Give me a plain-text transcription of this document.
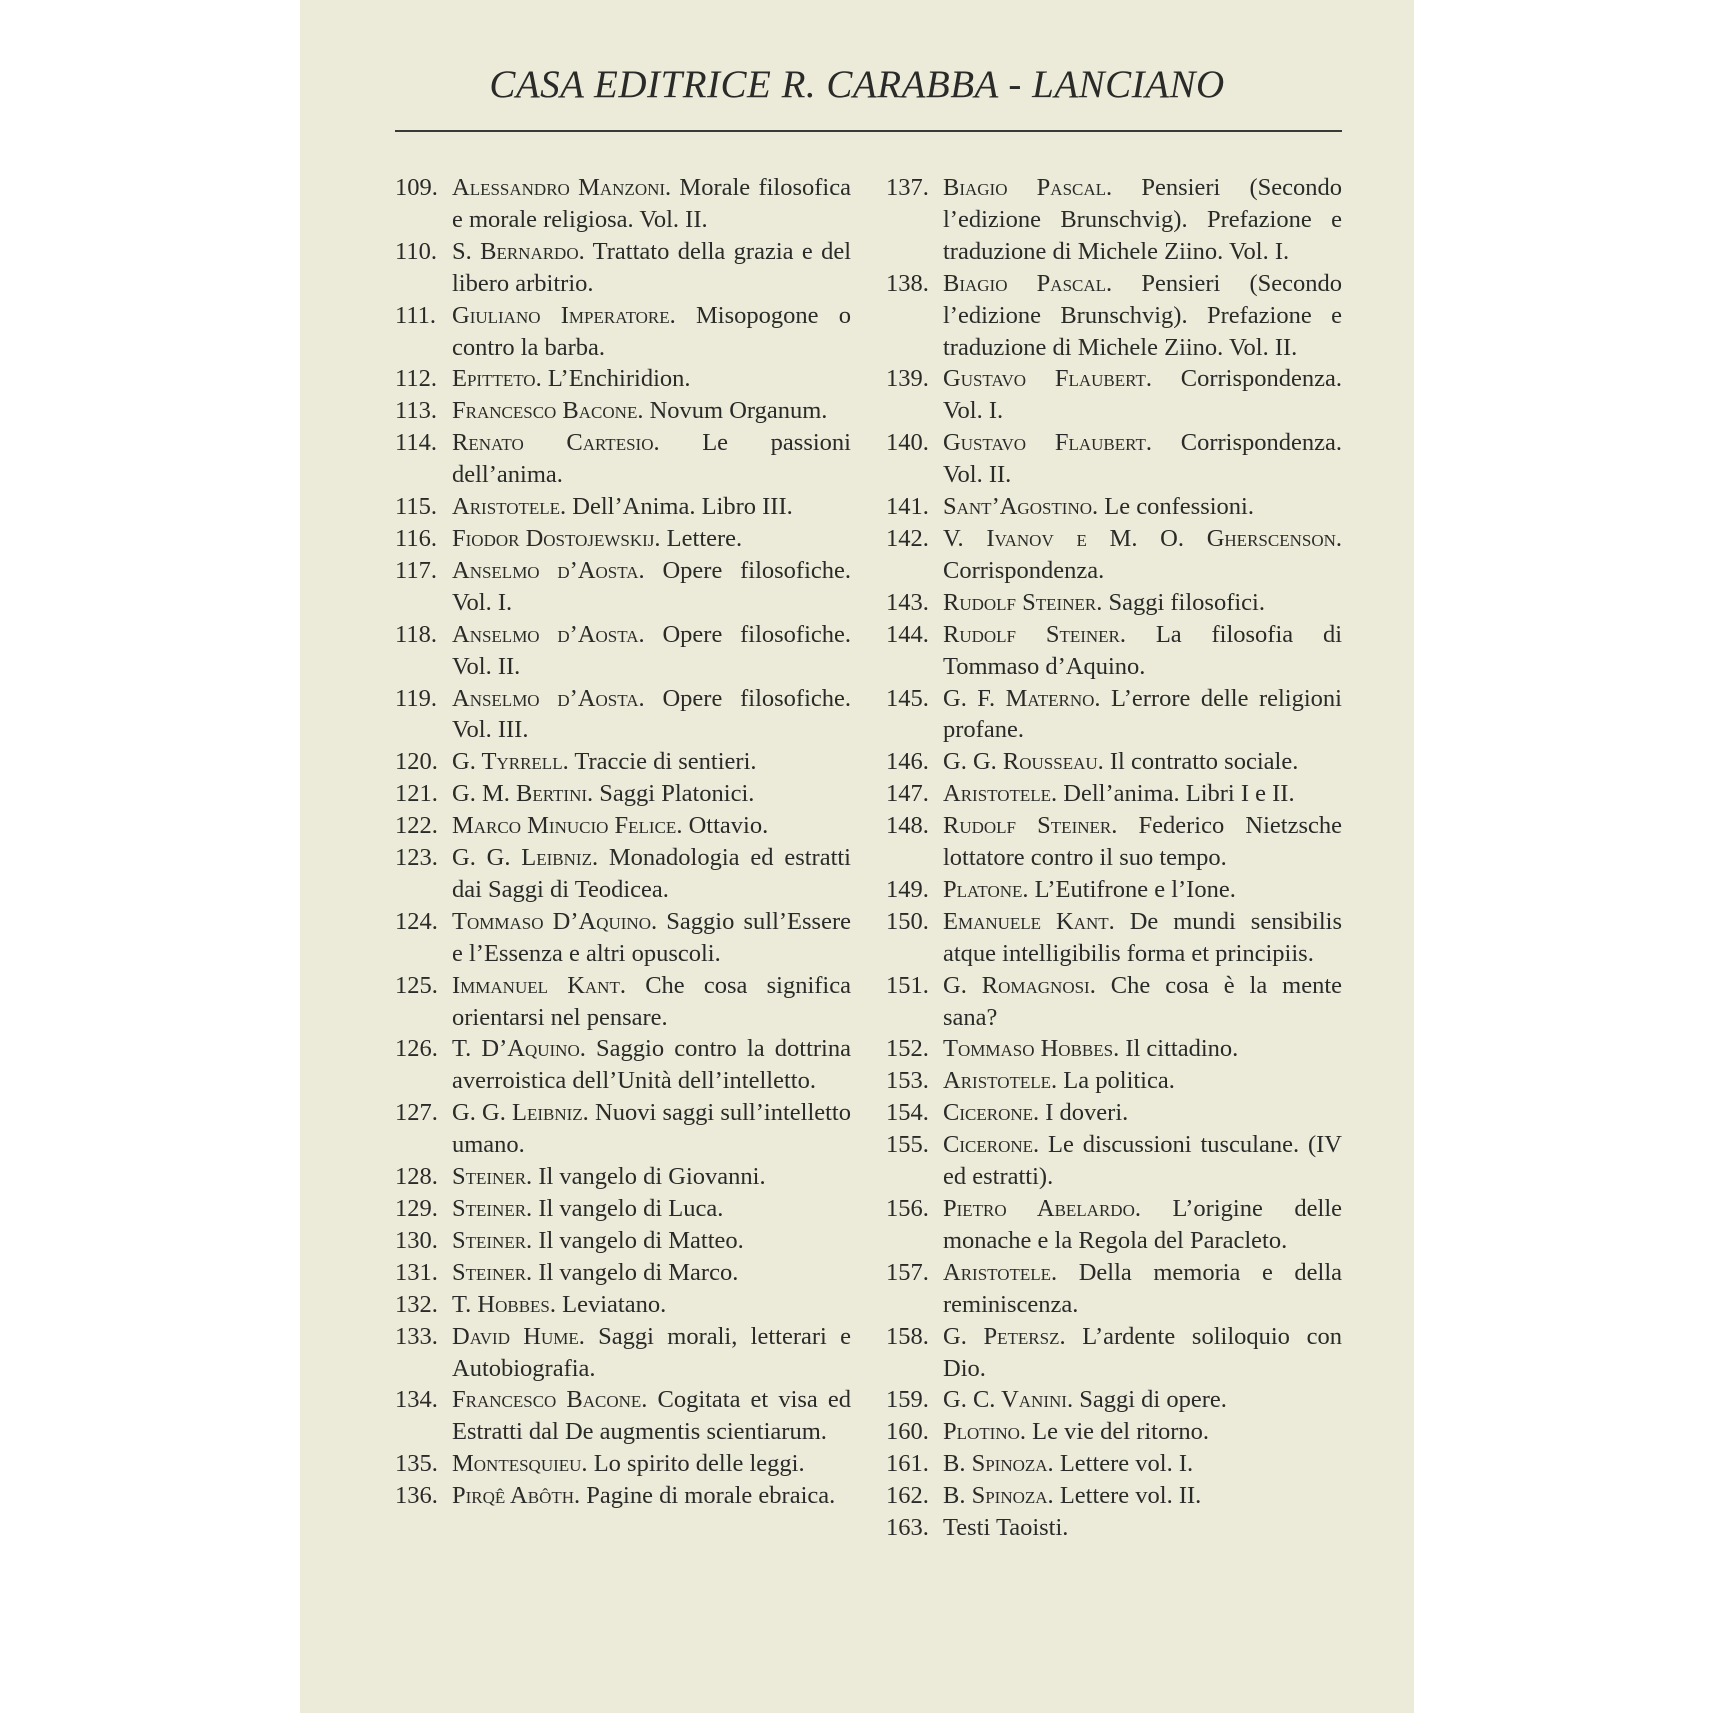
CASA EDITRICE R. CARABBA - LANCIANO
109. Alessandro Manzoni. Morale filosofica e morale religiosa. Vol. II.
110. S. Bernardo. Trattato della grazia e del libero arbitrio.
111. Giuliano Imperatore. Misopogone o contro la barba.
112. Epitteto. L’Enchiridion.
113. Francesco Bacone. Novum Organum.
114. Renato Cartesio. Le passioni dell’anima.
115. Aristotele. Dell’Anima. Libro III.
116. Fiodor Dostojewskij. Lettere.
117. Anselmo d’Aosta. Opere filosofiche. Vol. I.
118. Anselmo d’Aosta. Opere filosofiche. Vol. II.
119. Anselmo d’Aosta. Opere filosofiche. Vol. III.
120. G. Tyrrell. Traccie di sentieri.
121. G. M. Bertini. Saggi Platonici.
122. Marco Minucio Felice. Ottavio.
123. G. G. Leibniz. Monadologia ed estratti dai Saggi di Teodicea.
124. Tommaso D’Aquino. Saggio sull’Essere e l’Essenza e altri opuscoli.
125. Immanuel Kant. Che cosa significa orientarsi nel pensare.
126. T. D’Aquino. Saggio contro la dottrina averroistica dell’Unità dell’intelletto.
127. G. G. Leibniz. Nuovi saggi sull’intelletto umano.
128. Steiner. Il vangelo di Giovanni.
129. Steiner. Il vangelo di Luca.
130. Steiner. Il vangelo di Matteo.
131. Steiner. Il vangelo di Marco.
132. T. Hobbes. Leviatano.
133. David Hume. Saggi morali, letterari e Autobiografia.
134. Francesco Bacone. Cogitata et visa ed Estratti dal De augmentis scientiarum.
135. Montesquieu. Lo spirito delle leggi.
136. Pirqê Abôth. Pagine di morale ebraica.
137. Biagio Pascal. Pensieri (Secondo l’edizione Brunschvig). Prefazione e traduzione di Michele Ziino. Vol. I.
138. Biagio Pascal. Pensieri (Secondo l’edizione Brunschvig). Prefazione e traduzione di Michele Ziino. Vol. II.
139. Gustavo Flaubert. Corrispondenza. Vol. I.
140. Gustavo Flaubert. Corrispondenza. Vol. II.
141. Sant’Agostino. Le confessioni.
142. V. Ivanov e M. O. Gherscenson. Corrispondenza.
143. Rudolf Steiner. Saggi filosofici.
144. Rudolf Steiner. La filosofia di Tommaso d’Aquino.
145. G. F. Materno. L’errore delle religioni profane.
146. G. G. Rousseau. Il contratto sociale.
147. Aristotele. Dell’anima. Libri I e II.
148. Rudolf Steiner. Federico Nietzsche lottatore contro il suo tempo.
149. Platone. L’Eutifrone e l’Ione.
150. Emanuele Kant. De mundi sensibilis atque intelligibilis forma et principiis.
151. G. Romagnosi. Che cosa è la mente sana?
152. Tommaso Hobbes. Il cittadino.
153. Aristotele. La politica.
154. Cicerone. I doveri.
155. Cicerone. Le discussioni tusculane. (IV ed estratti).
156. Pietro Abelardo. L’origine delle monache e la Regola del Paracleto.
157. Aristotele. Della memoria e della reminiscenza.
158. G. Petersz. L’ardente soliloquio con Dio.
159. G. C. Vanini. Saggi di opere.
160. Plotino. Le vie del ritorno.
161. B. Spinoza. Lettere vol. I.
162. B. Spinoza. Lettere vol. II.
163. Testi Taoisti.
